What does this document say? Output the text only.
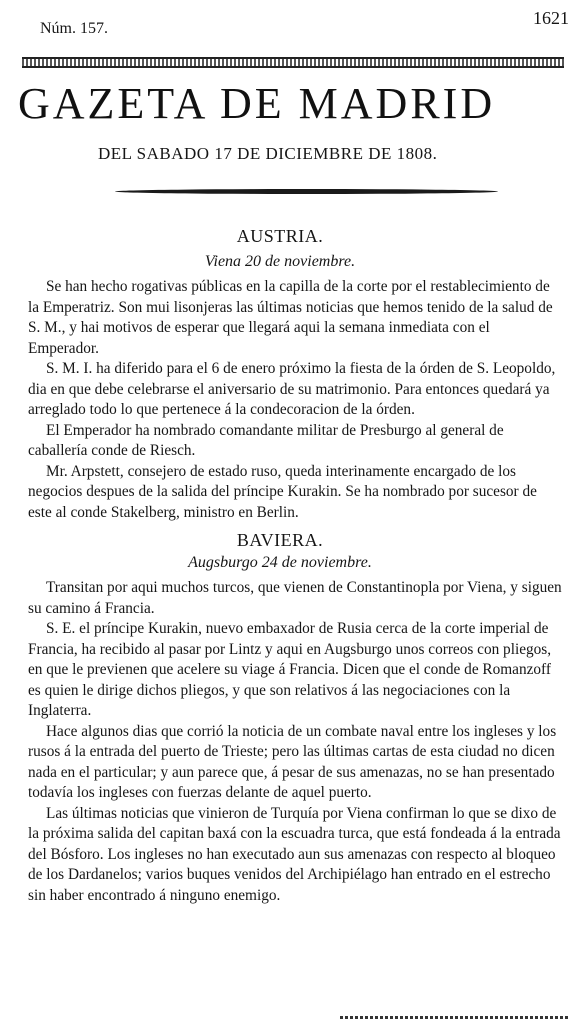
Núm. 157.
1621
GAZETA DE MADRID
DEL SABADO 17 DE DICIEMBRE DE 1808.
AUSTRIA.
Viena 20 de noviembre.

Se han hecho rogativas públicas en la capilla de la corte por el restablecimiento de la Emperatriz. Son mui lisonjeras las últimas noticias que hemos tenido de la salud de S. M., y hai motivos de esperar que llegará aqui la semana inmediata con el Emperador.

S. M. I. ha diferido para el 6 de enero próximo la fiesta de la órden de S. Leopoldo, dia en que debe celebrarse el aniversario de su matrimonio. Para entonces quedará ya arreglado todo lo que pertenece á la condecoracion de la órden.

El Emperador ha nombrado comandante militar de Presburgo al general de caballería conde de Riesch.

Mr. Arpstett, consejero de estado ruso, queda interinamente encargado de los negocios despues de la salida del príncipe Kurakin. Se ha nombrado por sucesor de este al conde Stakelberg, ministro en Berlin.

BAVIERA.
Augsburgo 24 de noviembre.

Transitan por aqui muchos turcos, que vienen de Constantinopla por Viena, y siguen su camino á Francia.

S. E. el príncipe Kurakin, nuevo embaxador de Rusia cerca de la corte imperial de Francia, ha recibido al pasar por Lintz y aqui en Augsburgo unos correos con pliegos, en que le previenen que acelere su viage á Francia. Dicen que el conde de Romanzoff es quien le dirige dichos pliegos, y que son relativos á las negociaciones con la Inglaterra.

Hace algunos dias que corrió la noticia de un combate naval entre los ingleses y los rusos á la entrada del puerto de Trieste; pero las últimas cartas de esta ciudad no dicen nada en el particular; y aun parece que, á pesar de sus amenazas, no se han presentado todavía los ingleses con fuerzas delante de aquel puerto.

Las últimas noticias que vinieron de Turquía por Viena confirman lo que se dixo de la próxima salida del capitan baxá con la escuadra turca, que está fondeada á la entrada del Bósforo. Los ingleses no han executado aun sus amenazas con respecto al bloqueo de los Dardanelos; varios buques venidos del Archipiélago han entrado en el estrecho sin haber encontrado á ninguno enemigo.
